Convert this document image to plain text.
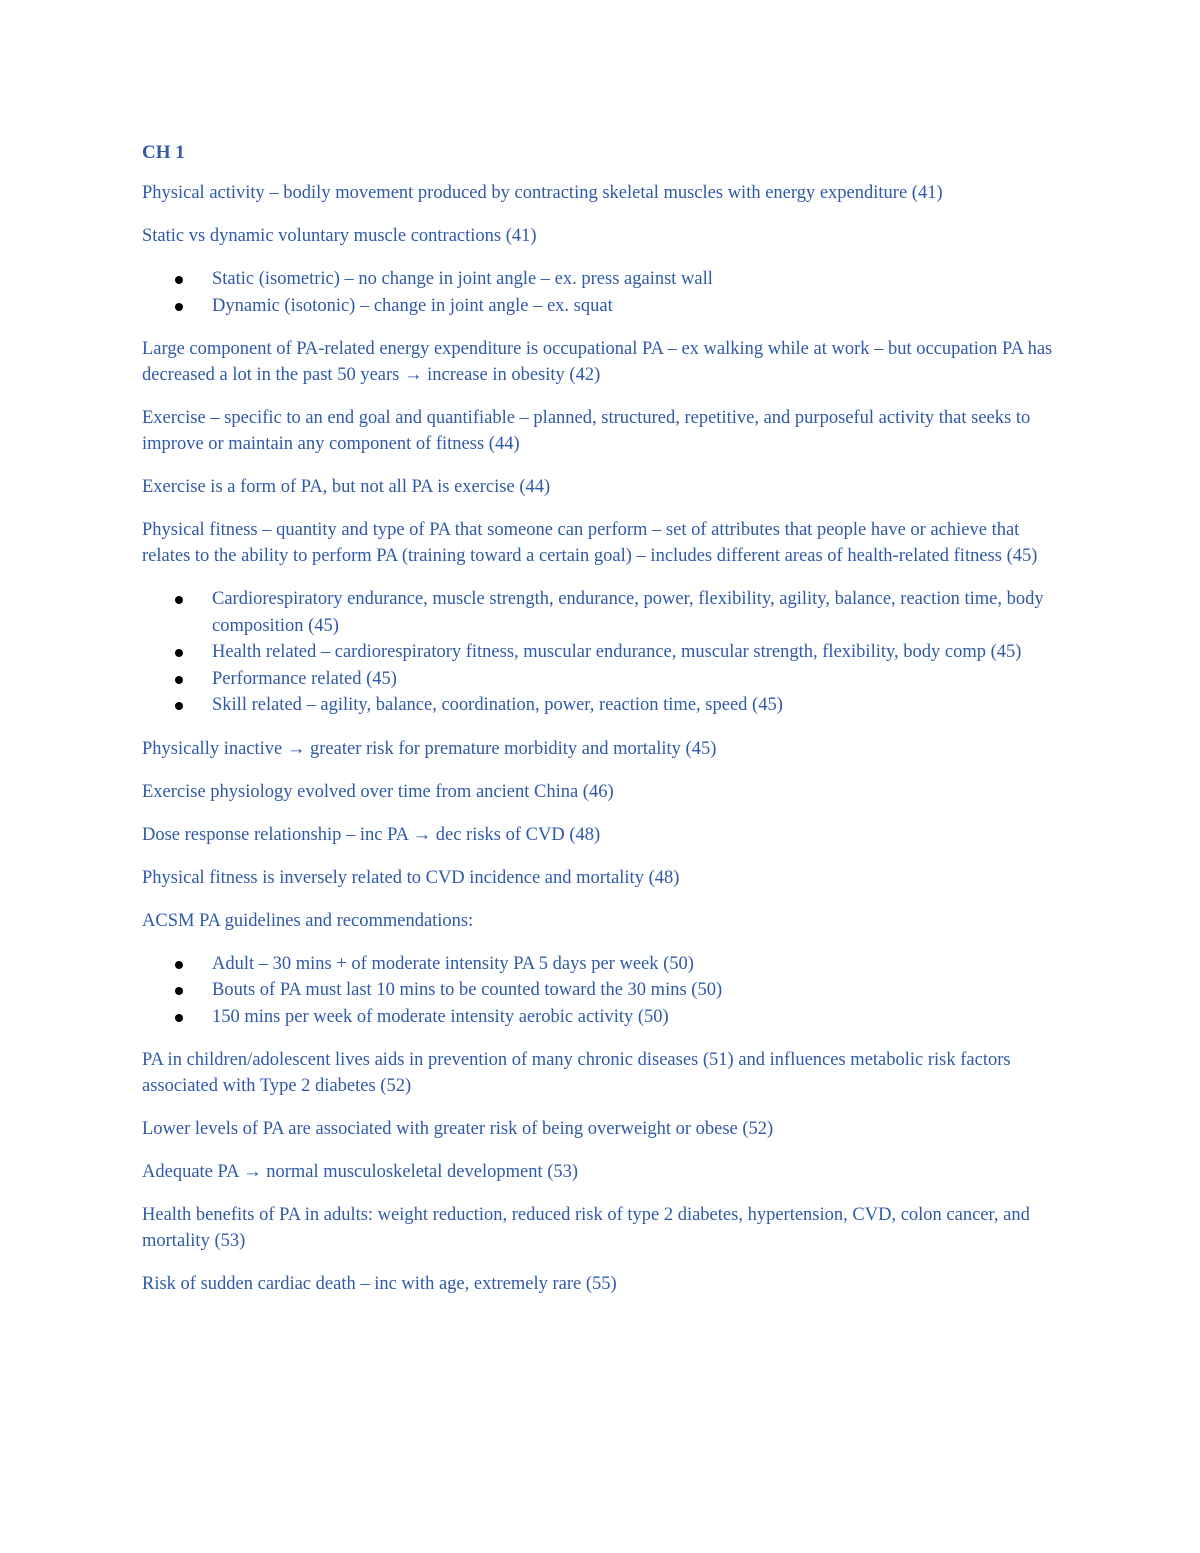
CH 1

Physical activity – bodily movement produced by contracting skeletal muscles with energy expenditure (41)

Static vs dynamic voluntary muscle contractions (41)

Static (isometric) – no change in joint angle – ex. press against wall
Dynamic (isotonic) – change in joint angle – ex. squat

Large component of PA-related energy expenditure is occupational PA – ex walking while at work – but occupation PA has decreased a lot in the past 50 years → increase in obesity (42)

Exercise – specific to an end goal and quantifiable – planned, structured, repetitive, and purposeful activity that seeks to improve or maintain any component of fitness (44)

Exercise is a form of PA, but not all PA is exercise (44)

Physical fitness – quantity and type of PA that someone can perform – set of attributes that people have or achieve that relates to the ability to perform PA (training toward a certain goal) – includes different areas of health-related fitness (45)

Cardiorespiratory endurance, muscle strength, endurance, power, flexibility, agility, balance, reaction time, body composition (45)
Health related – cardiorespiratory fitness, muscular endurance, muscular strength, flexibility, body comp (45)
Performance related (45)
Skill related – agility, balance, coordination, power, reaction time, speed (45)

Physically inactive → greater risk for premature morbidity and mortality (45)

Exercise physiology evolved over time from ancient China (46)

Dose response relationship – inc PA → dec risks of CVD (48)

Physical fitness is inversely related to CVD incidence and mortality (48)

ACSM PA guidelines and recommendations:

Adult – 30 mins + of moderate intensity PA 5 days per week (50)
Bouts of PA must last 10 mins to be counted toward the 30 mins (50)
150 mins per week of moderate intensity aerobic activity (50)

PA in children/adolescent lives aids in prevention of many chronic diseases (51) and influences metabolic risk factors associated with Type 2 diabetes (52)

Lower levels of PA are associated with greater risk of being overweight or obese (52)

Adequate PA → normal musculoskeletal development (53)

Health benefits of PA in adults: weight reduction, reduced risk of type 2 diabetes, hypertension, CVD, colon cancer, and mortality (53)

Risk of sudden cardiac death – inc with age, extremely rare (55)
